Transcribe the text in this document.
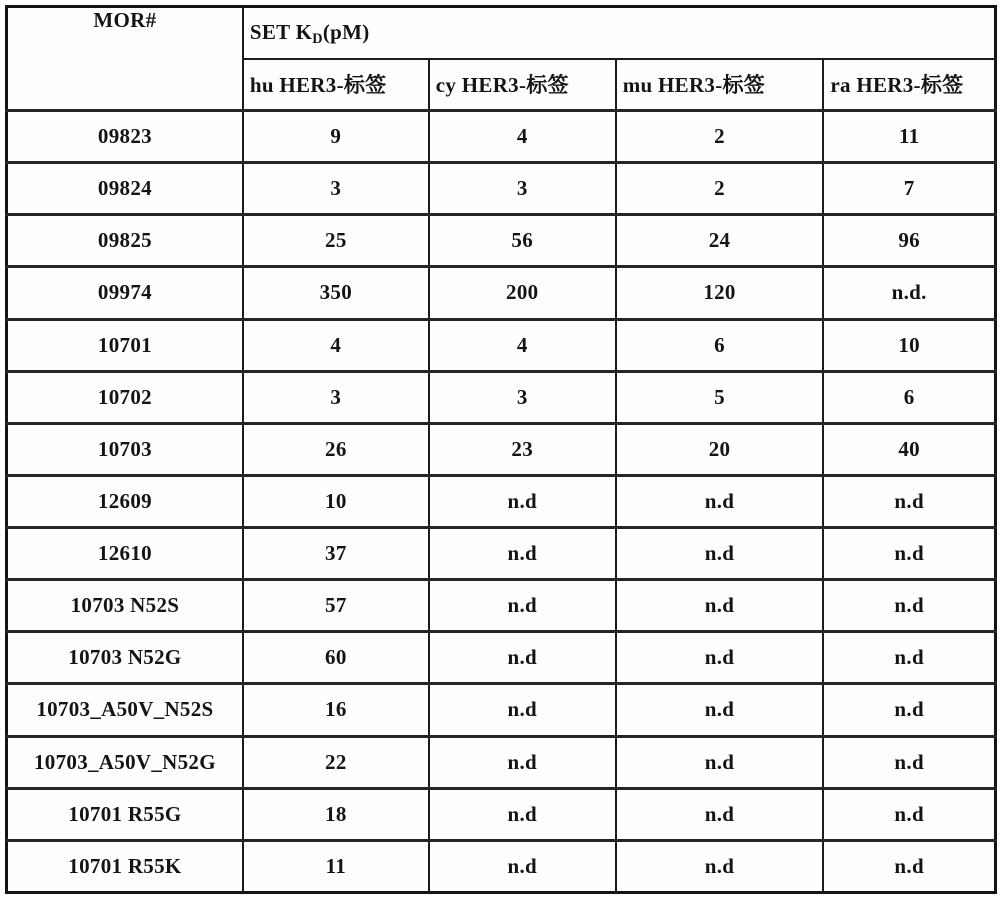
MOR#	SET $K_D(pM)$			
	hu HER3-标签	cy HER3-标签	mu HER3-标签	ra HER3-标签
09823	9	4	2	11
09824	3	3	2	7
09825	25	56	24	96
09974	350	200	120	n.d.
10701	4	4	6	10
10702	3	3	5	6
10703	26	23	20	40
12609	10	n.d	n.d	n.d
12610	37	n.d	n.d	n.d
10703 N52S	57	n.d	n.d	n.d
10703 N52G	60	n.d	n.d	n.d
10703_A50V_N52S	16	n.d	n.d	n.d
10703_A50V_N52G	22	n.d	n.d	n.d
10701 R55G	18	n.d	n.d	n.d
10701 R55K	11	n.d	n.d	n.d
